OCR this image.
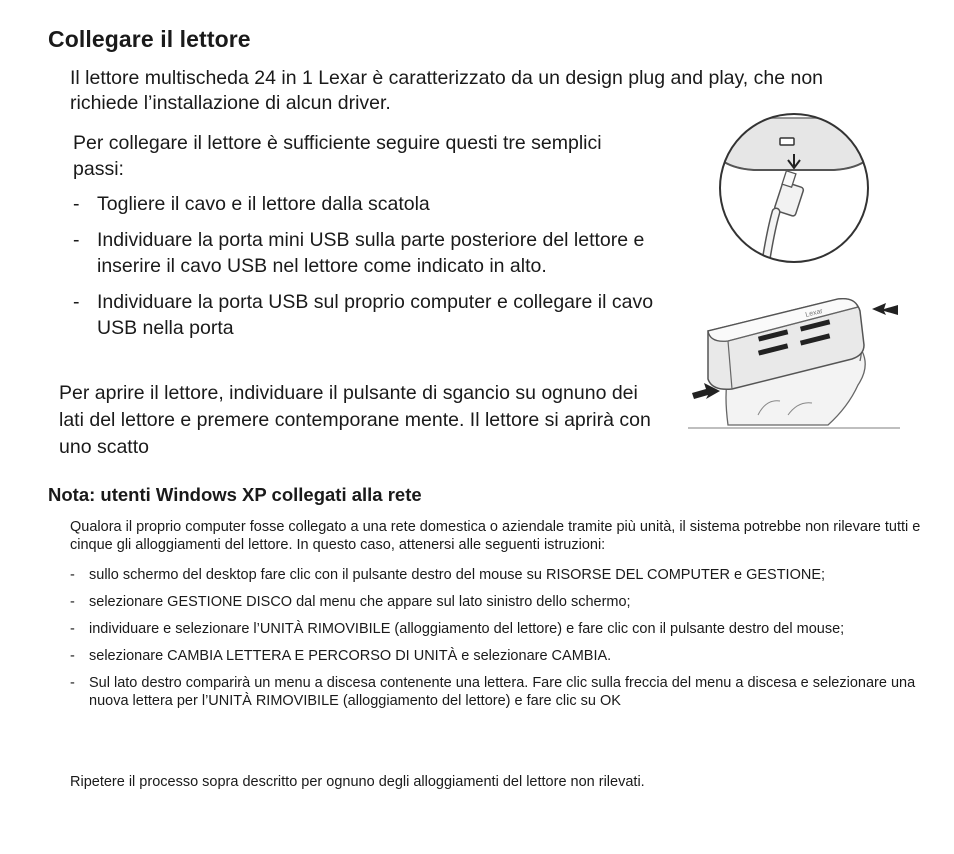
Collegare il lettore

Il lettore multischeda 24 in 1 Lexar è caratterizzato da un design plug and play, che non richiede l’installazione di alcun driver.

Per collegare il lettore è sufficiente seguire questi tre semplici passi:

- Togliere il cavo e il lettore dalla scatola
- Individuare la porta mini USB sulla parte posteriore del lettore e inserire il cavo USB nel lettore come indicato in alto.
- Individuare la porta USB sul proprio computer e collegare il cavo USB nella porta

Per aprire il lettore, individuare il pulsante di sgancio su ognuno dei lati del lettore e premere contemporane mente. Il lettore si aprirà con uno scatto

Lexar
Nota: utenti Windows XP collegati alla rete

Qualora il proprio computer fosse collegato a una rete domestica o aziendale tramite più unità, il sistema potrebbe non rilevare tutti e cinque gli alloggiamenti del lettore. In questo caso, attenersi alle seguenti istruzioni:

- sullo schermo del desktop fare clic con il pulsante destro del mouse su RISORSE DEL COMPUTER e GESTIONE;
- selezionare GESTIONE DISCO dal menu che appare sul lato sinistro dello schermo;
- individuare e selezionare l’UNITÀ RIMOVIBILE (alloggiamento del lettore) e fare clic con il pulsante destro del mouse;
- selezionare CAMBIA LETTERA E PERCORSO DI UNITÀ e selezionare CAMBIA.
- Sul lato destro comparirà un menu a discesa contenente una lettera. Fare clic sulla freccia del menu a discesa e selezionare una nuova lettera per l’UNITÀ RIMOVIBILE (alloggiamento del lettore) e fare clic su OK

Ripetere il processo sopra descritto per ognuno degli alloggiamenti del lettore non rilevati.
